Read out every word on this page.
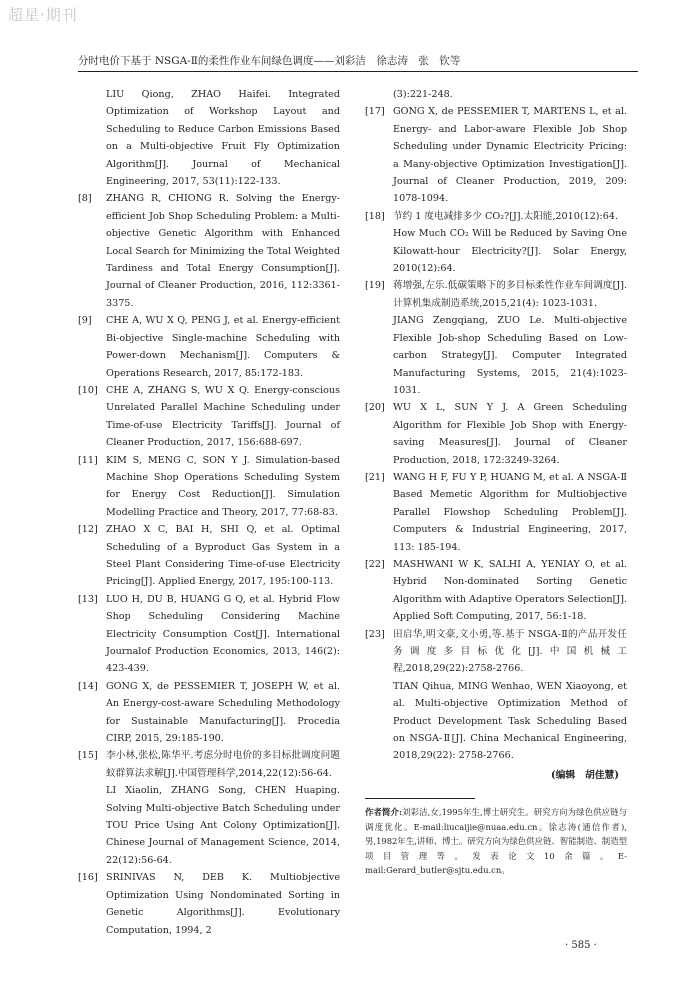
超星·期刊
分时电价下基于 NSGA-Ⅱ的柔性作业车间绿色调度——刘彩洁　徐志涛　张　钦等

LIU Qiong, ZHAO Haifei. Integrated Optimization of Workshop Layout and Scheduling to Reduce Carbon Emissions Based on a Multi-objective Fruit Fly Optimization Algorithm[J]. Journal of Mechanical Engineering, 2017, 53(11):122-133.

[8] ZHANG R, CHIONG R. Solving the Energy-efficient Job Shop Scheduling Problem: a Multi-objective Genetic Algorithm with Enhanced Local Search for Minimizing the Total Weighted Tardiness and Total Energy Consumption[J]. Journal of Cleaner Production, 2016, 112:3361-3375.

[9] CHE A, WU X Q, PENG J, et al. Energy-efficient Bi-objective Single-machine Scheduling with Power-down Mechanism[J]. Computers & Operations Research, 2017, 85:172-183.

[10] CHE A, ZHANG S, WU X Q. Energy-conscious Unrelated Parallel Machine Scheduling under Time-of-use Electricity Tariffs[J]. Journal of Cleaner Production, 2017, 156:688-697.

[11] KIM S, MENG C, SON Y J. Simulation-based Machine Shop Operations Scheduling System for Energy Cost Reduction[J]. Simulation Modelling Practice and Theory, 2017, 77:68-83.

[12] ZHAO X C, BAI H, SHI Q, et al. Optimal Scheduling of a Byproduct Gas System in a Steel Plant Considering Time-of-use Electricity Pricing[J]. Applied Energy, 2017, 195:100-113.

[13] LUO H, DU B, HUANG G Q, et al. Hybrid Flow Shop Scheduling Considering Machine Electricity Consumption Cost[J]. International Journalof Production Economics, 2013, 146(2): 423-439.

[14] GONG X, de PESSEMIER T, JOSEPH W, et al. An Energy-cost-aware Scheduling Methodology for Sustainable Manufacturing[J]. Procedia CIRP, 2015, 29:185-190.

[15] 李小林,张松,陈华平.考虑分时电价的多目标批调度问题蚁群算法求解[J].中国管理科学,2014,22(12):56-64.

LI Xiaolin, ZHANG Song, CHEN Huaping. Solving Multi-objective Batch Scheduling under TOU Price Using Ant Colony Optimization[J]. Chinese Journal of Management Science, 2014, 22(12):56-64.

[16] SRINIVAS N, DEB K. Multiobjective Optimization Using Nondominated Sorting in Genetic Algorithms[J]. Evolutionary Computation, 1994, 2

(3):221-248.

[17] GONG X, de PESSEMIER T, MARTENS L, et al. Energy- and Labor-aware Flexible Job Shop Scheduling under Dynamic Electricity Pricing: a Many-objective Optimization Investigation[J]. Journal of Cleaner Production, 2019, 209: 1078-1094.

[18] 节约 1 度电减排多少 CO₂?[J].太阳能,2010(12):64.

How Much CO₂ Will be Reduced by Saving One Kilowatt-hour Electricity?[J]. Solar Energy, 2010(12):64.

[19] 蒋增强,左乐.低碳策略下的多目标柔性作业车间调度[J].计算机集成制造系统,2015,21(4): 1023-1031.

JIANG Zengqiang, ZUO Le. Multi-objective Flexible Job-shop Scheduling Based on Low-carbon Strategy[J]. Computer Integrated Manufacturing Systems, 2015, 21(4):1023-1031.

[20] WU X L, SUN Y J. A Green Scheduling Algorithm for Flexible Job Shop with Energy-saving Measures[J]. Journal of Cleaner Production, 2018, 172:3249-3264.

[21] WANG H F, FU Y P, HUANG M, et al. A NSGA-Ⅱ Based Memetic Algorithm for Multiobjective Parallel Flowshop Scheduling Problem[J]. Computers & Industrial Engineering, 2017, 113: 185-194.

[22] MASHWANI W K, SALHI A, YENIAY O, et al. Hybrid Non-dominated Sorting Genetic Algorithm with Adaptive Operators Selection[J]. Applied Soft Computing, 2017, 56:1-18.

[23] 田启华,明文豪,文小勇,等.基于 NSGA-Ⅱ的产品开发任务调度多目标优化[J].中国机械工程,2018,29(22):2758-2766.

TIAN Qihua, MING Wenhao, WEN Xiaoyong, et al. Multi-objective Optimization Method of Product Development Task Scheduling Based on NSGA-Ⅱ[J]. China Mechanical Engineering, 2018,29(22): 2758-2766.

(编辑　胡佳慧)
作者简介:刘彩洁,女,1995年生,博士研究生。研究方向为绿色供应链与调度优化。E-mail:liucaijie@nuaa.edu.cn。徐志涛(通信作者),男,1982年生,讲师、博士。研究方向为绿色供应链、智能制造、制造型项目管理等。发表论文10余篇。E-mail:Gerard_butler@sjtu.edu.cn。
· 585 ·
